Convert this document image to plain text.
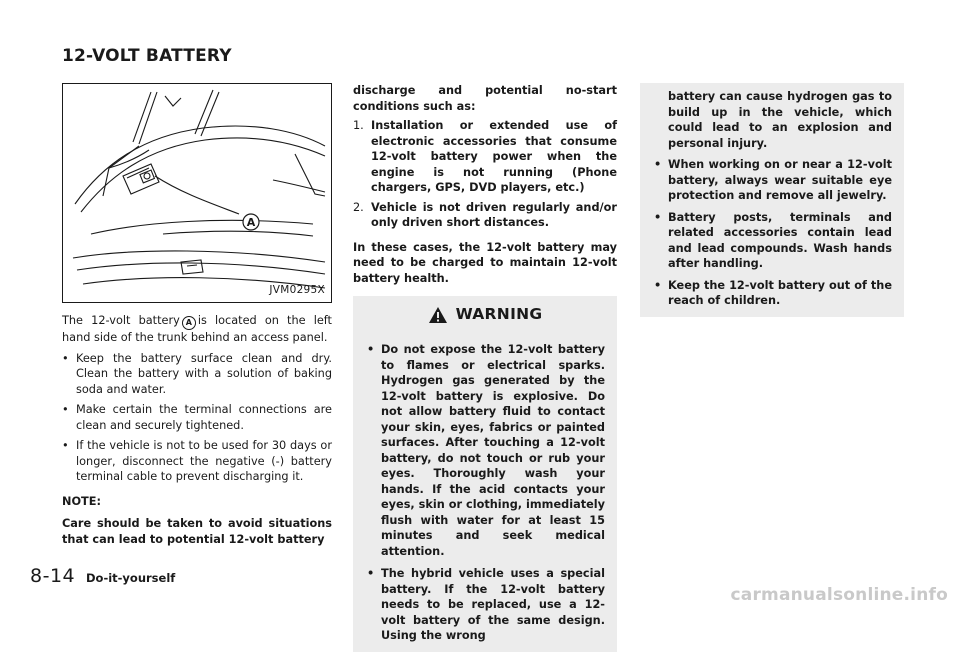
12-VOLT BATTERY
A
JVM0295X

The 12-volt battery A is located on the left hand side of the trunk behind an access panel.

• Keep the battery surface clean and dry. Clean the battery with a solution of baking soda and water.
• Make certain the terminal connections are clean and securely tightened.
• If the vehicle is not to be used for 30 days or longer, disconnect the negative (-) battery terminal cable to prevent discharging it.

NOTE:

Care should be taken to avoid situations that can lead to potential 12-volt battery

discharge and potential no-start conditions such as:

1. Installation or extended use of electronic accessories that consume 12-volt battery power when the engine is not running (Phone chargers, GPS, DVD players, etc.)
2. Vehicle is not driven regularly and/or only driven short distances.

In these cases, the 12-volt battery may need to be charged to maintain 12-volt battery health.

WARNING
• Do not expose the 12-volt battery to flames or electrical sparks. Hydrogen gas generated by the 12-volt battery is explosive. Do not allow battery fluid to contact your skin, eyes, fabrics or painted surfaces. After touching a 12-volt battery, do not touch or rub your eyes. Thoroughly wash your hands. If the acid contacts your eyes, skin or clothing, immediately flush with water for at least 15 minutes and seek medical attention.
• The hybrid vehicle uses a special battery. If the 12-volt battery needs to be replaced, use a 12-volt battery of the same design. Using the wrong

battery can cause hydrogen gas to build up in the vehicle, which could lead to an explosion and personal injury.

• When working on or near a 12-volt battery, always wear suitable eye protection and remove all jewelry.
• Battery posts, terminals and related accessories contain lead and lead compounds. Wash hands after handling.
• Keep the 12-volt battery out of the reach of children.
8-14 Do-it-yourself
carmanualsonline.info
